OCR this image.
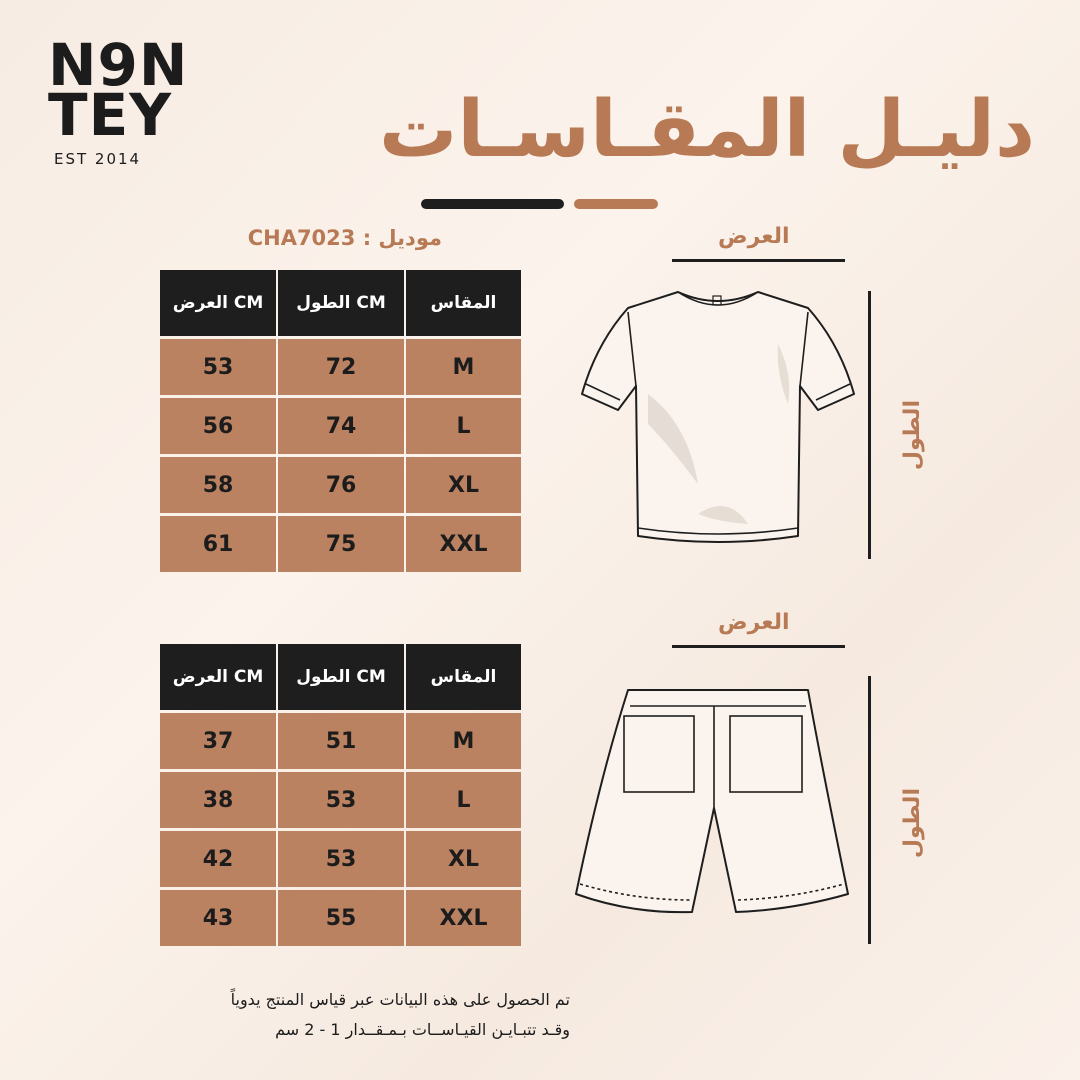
N9N
TEY
EST 2014	دليـل المقـاسـات
موديل : CHA7023
المقاس
الطول CM
العرض CM
M
72
53
L
74
56
XL
76
58
XXL
75
61
المقاس
الطول CM
العرض CM
M
51
37
L
53
38
XL
53
42
XXL
55
43
العرض
الطول
العرض
الطول
تم الحصول على هذه البيانات عبر قياس المنتج يدوياً
وقـد تتبـايـن القيـاســات بـمـقــدار 1 - 2 سم
